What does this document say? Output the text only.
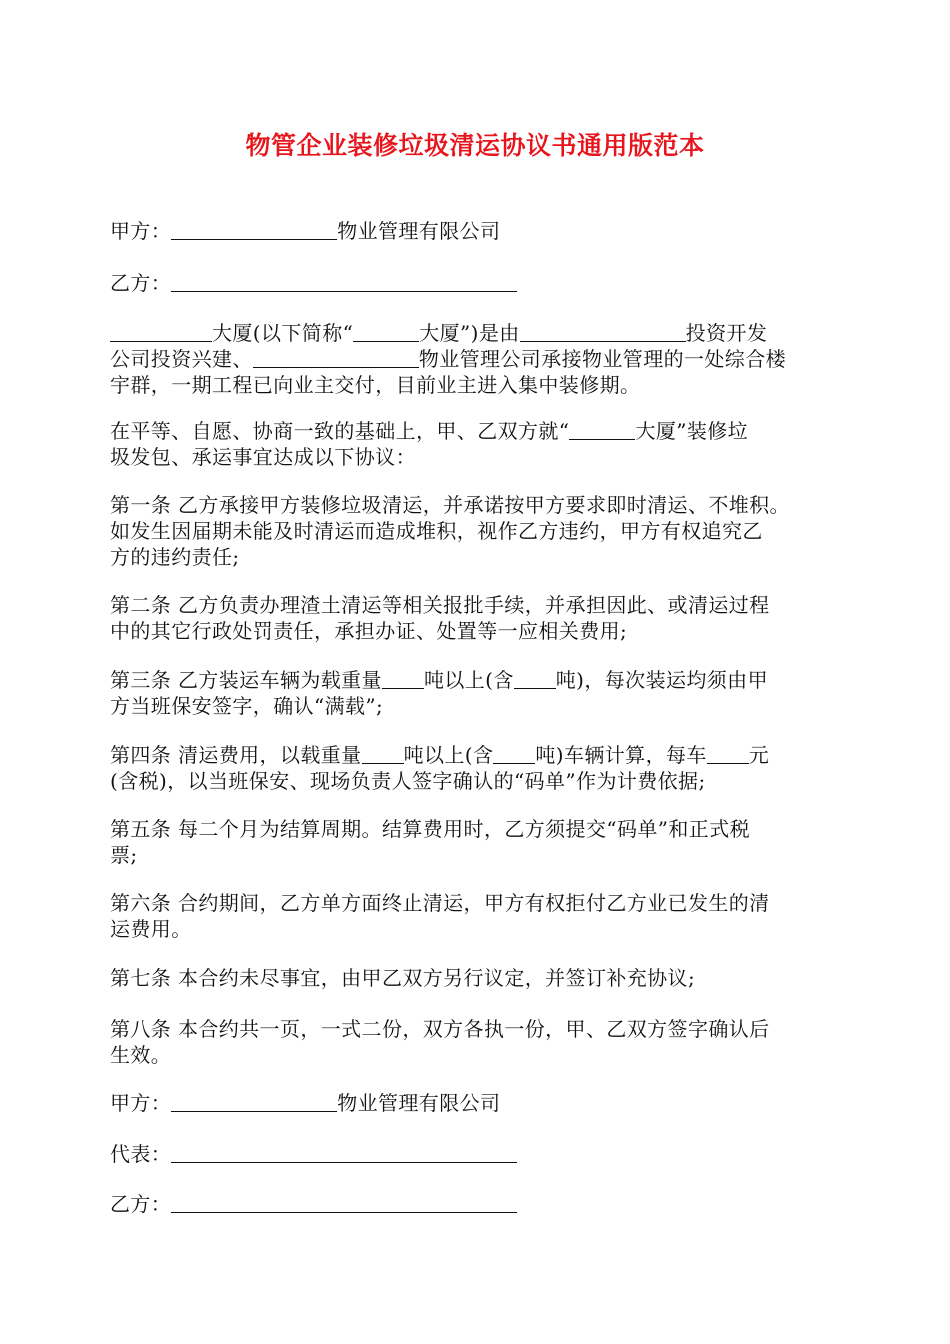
物管企业装修垃圾清运协议书通用版范本
甲方：	物业管理有限公司
乙方：
大厦(以下简称“	大厦”)是由	投资开发
公司投资兴建、	物业管理公司承接物业管理的一处综合楼
宇群，一期工程已向业主交付，目前业主进入集中装修期。
在平等、自愿、协商一致的基础上，甲、乙双方就“	大厦”装修垃
圾发包、承运事宜达成以下协议：
第一条 乙方承接甲方装修垃圾清运，并承诺按甲方要求即时清运、不堆积。
如发生因届期未能及时清运而造成堆积，视作乙方违约，甲方有权追究乙
方的违约责任;
第二条 乙方负责办理渣土清运等相关报批手续，并承担因此、或清运过程
中的其它行政处罚责任，承担办证、处置等一应相关费用;
第三条 乙方装运车辆为载重量 吨以上(含 吨)，每次装运均须由甲
方当班保安签字，确认“满载”;
第四条 清运费用，以载重量 吨以上(含 吨)车辆计算，每车 元
(含税)，以当班保安、现场负责人签字确认的“码单”作为计费依据;
第五条 每二个月为结算周期。结算费用时，乙方须提交“码单”和正式税
票;
第六条 合约期间，乙方单方面终止清运，甲方有权拒付乙方业已发生的清
运费用。
第七条 本合约未尽事宜，由甲乙双方另行议定，并签订补充协议;
第八条 本合约共一页，一式二份，双方各执一份，甲、乙双方签字确认后
生效。
甲方：	物业管理有限公司
代表：
乙方：
